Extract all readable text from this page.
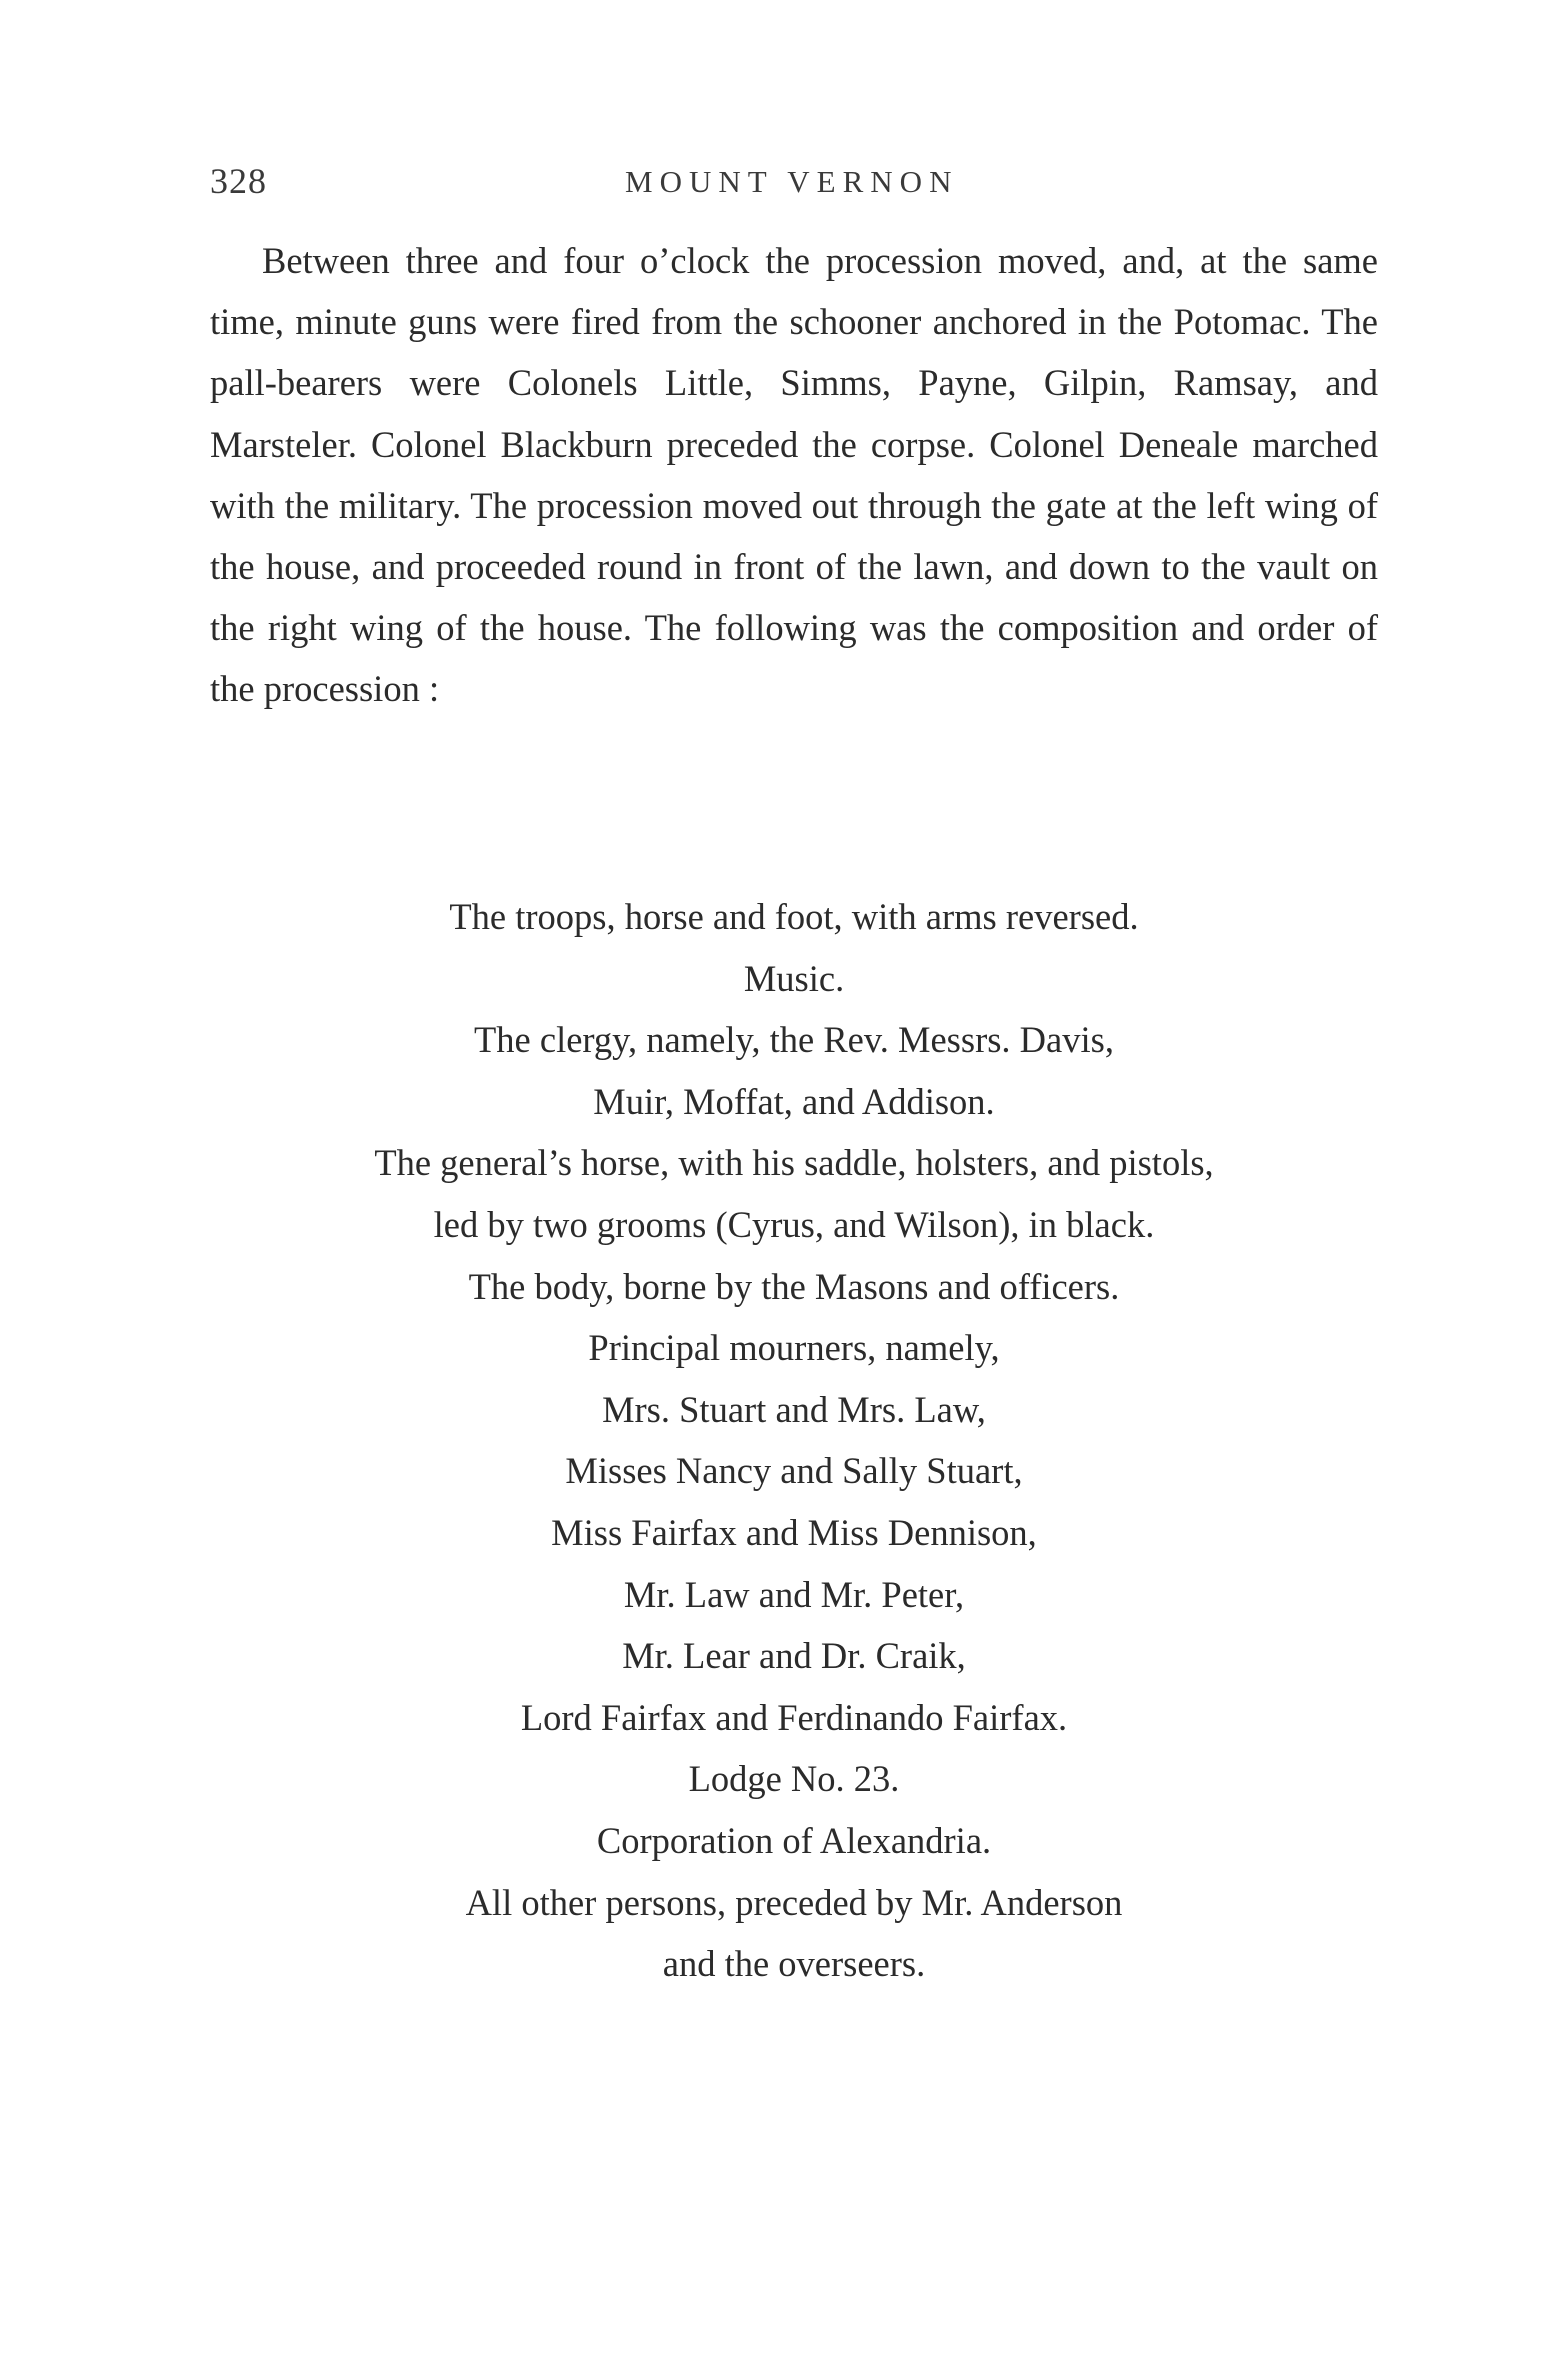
328	MOUNT VERNON

Between three and four o’clock the procession moved, and, at the same time, minute guns were fired from the schooner anchored in the Potomac. The pall-bearers were Colonels Little, Simms, Payne, Gilpin, Ramsay, and Marsteler. Colonel Blackburn preceded the corpse. Colonel Deneale marched with the military. The procession moved out through the gate at the left wing of the house, and proceeded round in front of the lawn, and down to the vault on the right wing of the house. The following was the composition and order of the procession :

The troops, horse and foot, with arms reversed.
Music.
The clergy, namely, the Rev. Messrs. Davis,
Muir, Moffat, and Addison.
The general’s horse, with his saddle, holsters, and pistols,
led by two grooms (Cyrus, and Wilson), in black.
The body, borne by the Masons and officers.
Principal mourners, namely,
Mrs. Stuart and Mrs. Law,
Misses Nancy and Sally Stuart,
Miss Fairfax and Miss Dennison,
Mr. Law and Mr. Peter,
Mr. Lear and Dr. Craik,
Lord Fairfax and Ferdinando Fairfax.
Lodge No. 23.
Corporation of Alexandria.
All other persons, preceded by Mr. Anderson
and the overseers.
